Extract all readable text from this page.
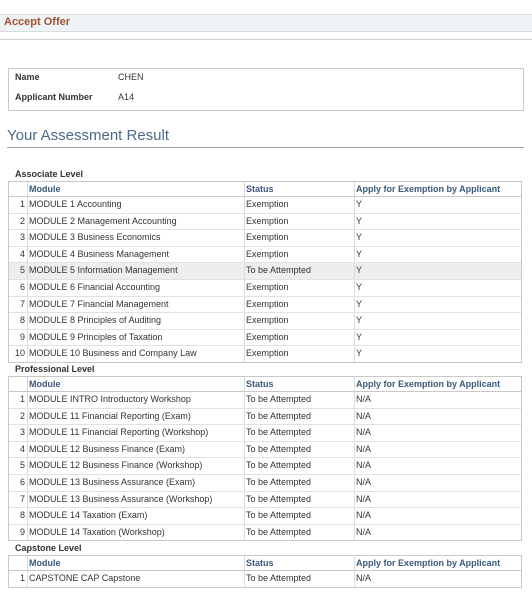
Accept Offer
Name	CHEN
Applicant Number	A14
Your Assessment Result
Associate Level
Module	Status	Apply for Exemption by Applicant
1 MODULE 1 Accounting	Exemption	Y
2 MODULE 2 Management Accounting	Exemption	Y
3 MODULE 3 Business Economics	Exemption	Y
4 MODULE 4 Business Management	Exemption	Y
5 MODULE 5 Information Management	To be Attempted	Y
6 MODULE 6 Financial Accounting	Exemption	Y
7 MODULE 7 Financial Management	Exemption	Y
8 MODULE 8 Principles of Auditing	Exemption	Y
9 MODULE 9 Principles of Taxation	Exemption	Y
10 MODULE 10 Business and Company Law	Exemption	Y
Professional Level
Module	Status	Apply for Exemption by Applicant
1 MODULE INTRO Introductory Workshop	To be Attempted	N/A
2 MODULE 11 Financial Reporting (Exam)	To be Attempted	N/A
3 MODULE 11 Financial Reporting (Workshop)	To be Attempted	N/A
4 MODULE 12 Business Finance (Exam)	To be Attempted	N/A
5 MODULE 12 Business Finance (Workshop)	To be Attempted	N/A
6 MODULE 13 Business Assurance (Exam)	To be Attempted	N/A
7 MODULE 13 Business Assurance (Workshop)	To be Attempted	N/A
8 MODULE 14 Taxation (Exam)	To be Attempted	N/A
9 MODULE 14 Taxation (Workshop)	To be Attempted	N/A
Capstone Level
Module	Status	Apply for Exemption by Applicant
1 CAPSTONE CAP Capstone	To be Attempted	N/A
